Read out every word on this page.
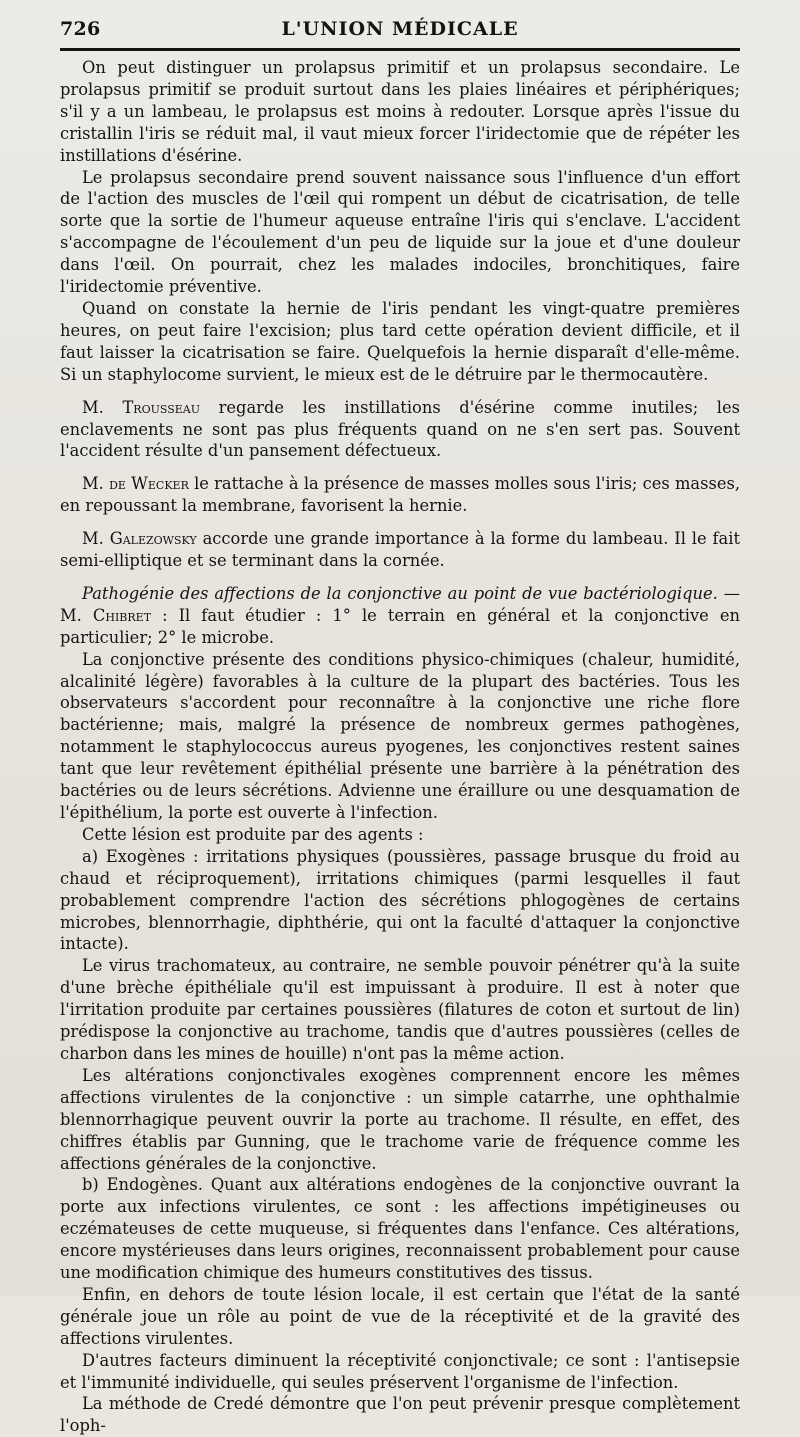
726	L'UNION MÉDICALE

On peut distinguer un prolapsus primitif et un prolapsus secondaire. Le prolapsus primitif se produit surtout dans les plaies linéaires et périphériques; s'il y a un lambeau, le prolapsus est moins à redouter. Lorsque après l'issue du cristallin l'iris se réduit mal, il vaut mieux forcer l'iridectomie que de répéter les instillations d'ésérine.

Le prolapsus secondaire prend souvent naissance sous l'influence d'un effort de l'action des muscles de l'œil qui rompent un début de cicatrisation, de telle sorte que la sortie de l'humeur aqueuse entraîne l'iris qui s'enclave. L'accident s'accompagne de l'écoulement d'un peu de liquide sur la joue et d'une douleur dans l'œil. On pourrait, chez les malades indociles, bronchitiques, faire l'iridectomie préventive.

Quand on constate la hernie de l'iris pendant les vingt-quatre premières heures, on peut faire l'excision; plus tard cette opération devient difficile, et il faut laisser la cicatrisation se faire. Quelquefois la hernie disparaît d'elle-même. Si un staphylocome survient, le mieux est de le détruire par le thermocautère.

M. Trousseau regarde les instillations d'ésérine comme inutiles; les enclavements ne sont pas plus fréquents quand on ne s'en sert pas. Souvent l'accident résulte d'un pansement défectueux.

M. de Wecker le rattache à la présence de masses molles sous l'iris; ces masses, en repoussant la membrane, favorisent la hernie.

M. Galezowsky accorde une grande importance à la forme du lambeau. Il le fait semi-elliptique et se terminant dans la cornée.

Pathogénie des affections de la conjonctive au point de vue bactériologique. — M. Chibret : Il faut étudier : 1° le terrain en général et la conjonctive en particulier; 2° le microbe.

La conjonctive présente des conditions physico-chimiques (chaleur, humidité, alcalinité légère) favorables à la culture de la plupart des bactéries. Tous les observateurs s'accordent pour reconnaître à la conjonctive une riche flore bactérienne; mais, malgré la présence de nombreux germes pathogènes, notamment le staphylococcus aureus pyogenes, les conjonctives restent saines tant que leur revêtement épithélial présente une barrière à la pénétration des bactéries ou de leurs sécrétions. Advienne une éraillure ou une desquamation de l'épithélium, la porte est ouverte à l'infection.

Cette lésion est produite par des agents :

a) Exogènes : irritations physiques (poussières, passage brusque du froid au chaud et réciproquement), irritations chimiques (parmi lesquelles il faut probablement comprendre l'action des sécrétions phlogogènes de certains microbes, blennorrhagie, diphthérie, qui ont la faculté d'attaquer la conjonctive intacte).

Le virus trachomateux, au contraire, ne semble pouvoir pénétrer qu'à la suite d'une brèche épithéliale qu'il est impuissant à produire. Il est à noter que l'irritation produite par certaines poussières (filatures de coton et surtout de lin) prédispose la conjonctive au trachome, tandis que d'autres poussières (celles de charbon dans les mines de houille) n'ont pas la même action.

Les altérations conjonctivales exogènes comprennent encore les mêmes affections virulentes de la conjonctive : un simple catarrhe, une ophthalmie blennorrhagique peuvent ouvrir la porte au trachome. Il résulte, en effet, des chiffres établis par Gunning, que le trachome varie de fréquence comme les affections générales de la conjonctive.

b) Endogènes. Quant aux altérations endogènes de la conjonctive ouvrant la porte aux infections virulentes, ce sont : les affections impétigineuses ou eczémateuses de cette muqueuse, si fréquentes dans l'enfance. Ces altérations, encore mystérieuses dans leurs origines, reconnaissent probablement pour cause une modification chimique des humeurs constitutives des tissus.

Enfin, en dehors de toute lésion locale, il est certain que l'état de la santé générale joue un rôle au point de vue de la réceptivité et de la gravité des affections virulentes.

D'autres facteurs diminuent la réceptivité conjonctivale; ce sont : l'antisepsie et l'immunité individuelle, qui seules préservent l'organisme de l'infection.

La méthode de Credé démontre que l'on peut prévenir presque complètement l'oph-
